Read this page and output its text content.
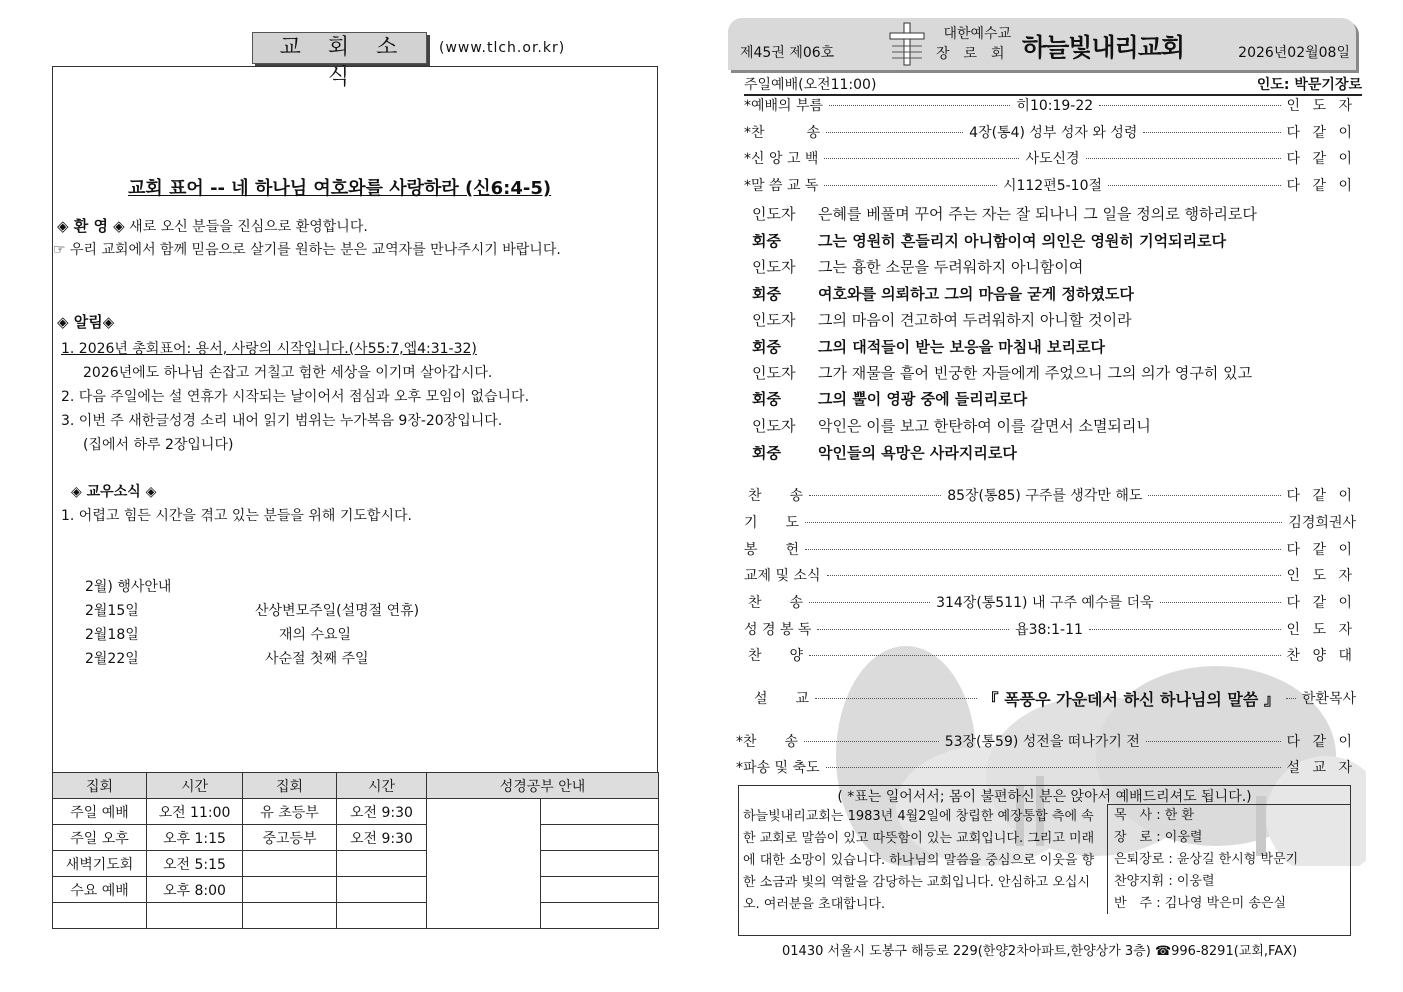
교 회 소 식
(www.tlch.or.kr)
교회 표어 -- 네 하나님 여호와를 사랑하라 (신6:4-5)
◈ 환 영 ◈ 새로 오신 분들을 진심으로 환영합니다.
☞ 우리 교회에서 함께 믿음으로 살기를 원하는 분은 교역자를 만나주시기 바랍니다.
◈ 알림◈
1. 2026년 총회표어: 용서, 사랑의 시작입니다.(사55:7,엡4:31-32)
2026년에도 하나님 손잡고 거칠고 험한 세상을 이기며 살아갑시다.
2. 다음 주일에는 설 연휴가 시작되는 날이어서 점심과 오후 모임이 없습니다.
3. 이번 주 새한글성경 소리 내어 읽기 범위는 누가복음 9장-20장입니다.
(집에서 하루 2장입니다)
◈ 교우소식 ◈
1. 어렵고 힘든 시간을 겪고 있는 분들을 위해 기도합시다.
2월) 행사안내
2월15일	산상변모주일(설명절 연휴)
2월18일	재의 수요일
2월22일	사순절 첫째 주일
집회	시간	집회	시간	성경공부 안내	
주일 예배	오전 11:00	유 초등부	오전 9:30		
주일 오후	오후 1:15	중고등부	오전 9:30		
새벽기도회	오전 5:15				
수요 예배	오후 8:00				

제45권 제06호
대한예수교
장로회 하늘빛내리교회	2026년02월08일
주일예배(오전11:00)	인도: 박문기장로
*예배의 부름	히10:19-22	인 도 자
*찬　　　송	4장(통4) 성부 성자 와 성령	다 같 이
*신 앙 고 백	사도신경	다 같 이
*말 씀 교 독	시112편5-10절	다 같 이
인도자	은혜를 베풀며 꾸어 주는 자는 잘 되나니 그 일을 정의로 행하리로다
회중	그는 영원히 흔들리지 아니함이여 의인은 영원히 기억되리로다
인도자	그는 흉한 소문을 두려워하지 아니함이여
회중	여호와를 의뢰하고 그의 마음을 굳게 정하였도다
인도자	그의 마음이 견고하여 두려워하지 아니할 것이라
회중	그의 대적들이 받는 보응을 마침내 보리로다
인도자	그가 재물을 흩어 빈궁한 자들에게 주었으니 그의 의가 영구히 있고
회중	그의 뿔이 영광 중에 들리리로다
인도자	악인은 이를 보고 한탄하여 이를 갈면서 소멸되리니
회중	악인들의 욕망은 사라지리로다
찬　　송	85장(통85) 구주를 생각만 해도	다 같 이
기　　도	김경희권사
봉　　헌	다 같 이
교제 및 소식	인 도 자
찬　　송	314장(통511) 내 구주 예수를 더욱	다 같 이
성 경 봉 독	욥38:1-11	인 도 자
찬　　양	찬 양 대
설　　교	『 폭풍우 가운데서 하신 하나님의 말씀 』 한환목사
*찬　　송	53장(통59) 성전을 떠나가기 전	다 같 이
*파송 및 축도	설 교 자
( *표는 일어서서; 몸이 불편하신 분은 앉아서 예배드리셔도 됩니다.)
하늘빛내리교회는 1983년 4월2일에 창립한 예장통합 측에 속한 교회로 말씀이 있고 따뜻함이 있는 교회입니다. 그리고 미래에 대한 소망이 있습니다. 하나님의 말씀을 중심으로 이웃을 향한 소금과 빛의 역할을 감당하는 교회입니다. 안심하고 오십시오. 여러분을 초대합니다.
목　사 : 한 환
장　로 : 이웅렬
은퇴장로 : 윤상길 한시형 박문기
찬양지휘 : 이웅렬
반　주 : 김나영 박은미 송은실
01430 서울시 도봉구 해등로 229(한양2차아파트,한양상가 3층) ☎996-8291(교회,FAX)
